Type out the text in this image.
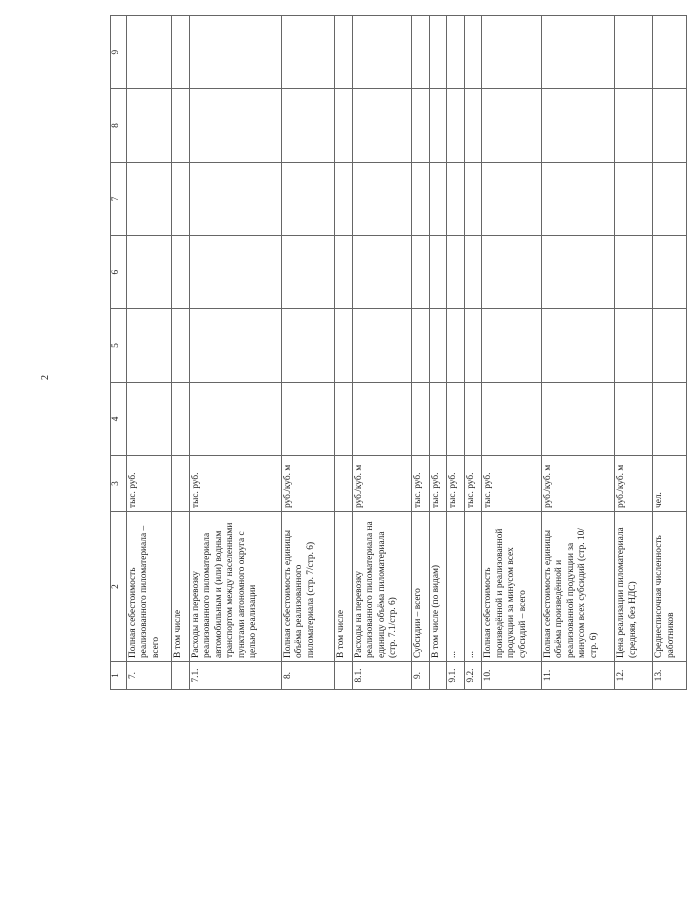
2
1	2	3	4	5	6	7	8	9
7.	Полная себестоимость реализованного пиломатериала – всего	тыс. руб.						
	В том числе							
7.1.	Расходы на перевозку реализованного пиломатериала автомобильным и (или) водным транспортом между населенными пунктами автономного округа с целью реализации	тыс. руб.						
8.	Полная себестоимость единицы объёма реализованного пиломатериала (стр. 7/стр. 6)	руб./куб. м						
	В том числе							
8.1.	Расходы на перевозку реализованного пиломатериала на единицу объёма пиломатериала (стр. 7.1/стр. 6)	руб./куб. м						
9.	Субсидии – всего	тыс. руб.						
	В том числе (по видам)	тыс. руб.						
9.1.	...	тыс. руб.						
9.2.	...	тыс. руб.						
10.	Полная себестоимость произведённой и реализованной продукции за минусом всех субсидий – всего	тыс. руб.						
11.	Полная себестоимость единицы объёма произведённой и реализованной продукции за минусом всех субсидий (стр. 10/стр. 6)	руб./куб. м						
12.	Цена реализации пиломатериала (средняя, без НДС)	руб./куб. м						
13.	Среднесписочная численность работников	чел.						
